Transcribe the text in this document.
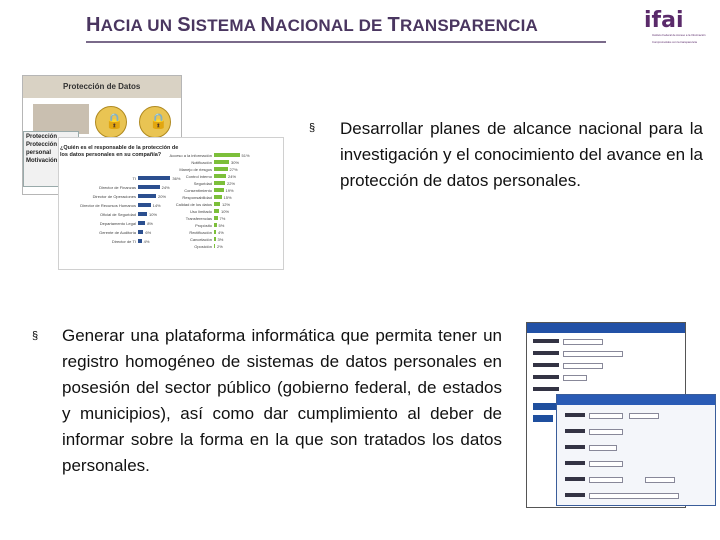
HACIA UN SISTEMA NACIONAL DE TRANSPARENCIA	ifai
Instituto Federal de Acceso a la Información
Comprometidos con la transparencia
Protección de Datos
🔒 🔒
Protección
Protección
personal
Motivación
¿Quién es el responsable de la protección de los datos personales en su compañía?
TI	36%
Director de Finanzas	24%
Director de Operaciones	20%
Director de Recursos Humanos	14%
Oficial de Seguridad	10%
Departamento Legal	8%
Gerente de Auditoría 6%
Director de TI 4%
Acceso a la información	51%
Notificación	30%
Manejo de riesgos	27%
Control interno	24%
Seguridad	22%
Consentimiento	19%
Responsabilidad	15%
Calidad de los datos	12%
Uso limitado 10%
Transferencias 7%
Propósito 5%
Rectificación 4%
Cancelación 3%
Oposición 2%
§ Desarrollar planes de alcance nacional para la investigación y el conocimiento del avance en la protección de datos personales.
§ Generar una plataforma informática que permita tener un registro homogéneo de sistemas de datos personales en posesión del sector público (gobierno federal, de estados y municipios), así como dar cumplimiento al deber de informar sobre la forma en la que son tratados los datos personales.
